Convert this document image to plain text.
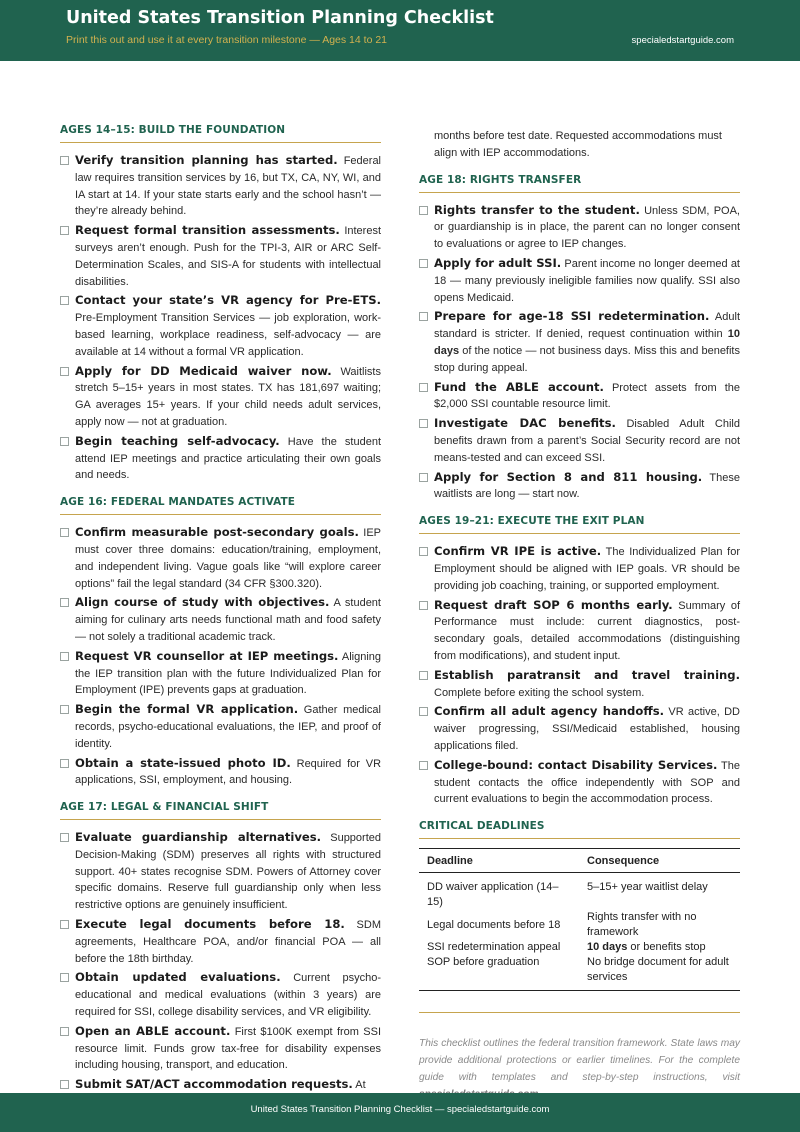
United States Transition Planning Checklist
Print this out and use it at every transition milestone — Ages 14 to 21	specialedstartguide.com
AGES 14–15: BUILD THE FOUNDATION
Verify transition planning has started. Federal law requires transition services by 16, but TX, CA, NY, WI, and IA start at 14. If your state starts early and the school hasn’t — they’re already behind.
Request formal transition assessments. Interest surveys aren’t enough. Push for the TPI-3, AIR or ARC Self-Determination Scales, and SIS-A for students with intellectual disabilities.
Contact your state’s VR agency for Pre-ETS. Pre-Employment Transition Services — job exploration, work-based learning, workplace readiness, self-advocacy — are available at 14 without a formal VR application.
Apply for DD Medicaid waiver now. Waitlists stretch 5–15+ years in most states. TX has 181,697 waiting; GA averages 15+ years. If your child needs adult services, apply now — not at graduation.
Begin teaching self-advocacy. Have the student attend IEP meetings and practice articulating their own goals and needs.
AGE 16: FEDERAL MANDATES ACTIVATE
Confirm measurable post-secondary goals. IEP must cover three domains: education/training, employment, and independent living. Vague goals like “will explore career options” fail the legal standard (34 CFR §300.320).
Align course of study with objectives. A student aiming for culinary arts needs functional math and food safety — not solely a traditional academic track.
Request VR counsellor at IEP meetings. Aligning the IEP transition plan with the future Individualized Plan for Employment (IPE) prevents gaps at graduation.
Begin the formal VR application. Gather medical records, psycho-educational evaluations, the IEP, and proof of identity.
Obtain a state-issued photo ID. Required for VR applications, SSI, employment, and housing.
AGE 17: LEGAL & FINANCIAL SHIFT
Evaluate guardianship alternatives. Supported Decision-Making (SDM) preserves all rights with structured support. 40+ states recognise SDM. Powers of Attorney cover specific domains. Reserve full guardianship only when less restrictive options are genuinely insufficient.
Execute legal documents before 18. SDM agreements, Healthcare POA, and/or financial POA — all before the 18th birthday.
Obtain updated evaluations. Current psycho-educational and medical evaluations (within 3 years) are required for SSI, college disability services, and VR eligibility.
Open an ABLE account. First $100K exempt from SSI resource limit. Funds grow tax-free for disability expenses including housing, transport, and education.
Submit SAT/ACT accommodation requests. At
months before test date. Requested accommodations must align with IEP accommodations.
AGE 18: RIGHTS TRANSFER
Rights transfer to the student. Unless SDM, POA, or guardianship is in place, the parent can no longer consent to evaluations or agree to IEP changes.
Apply for adult SSI. Parent income no longer deemed at 18 — many previously ineligible families now qualify. SSI also opens Medicaid.
Prepare for age-18 SSI redetermination. Adult standard is stricter. If denied, request continuation within 10 days of the notice — not business days. Miss this and benefits stop during appeal.
Fund the ABLE account. Protect assets from the $2,000 SSI countable resource limit.
Investigate DAC benefits. Disabled Adult Child benefits drawn from a parent’s Social Security record are not means-tested and can exceed SSI.
Apply for Section 8 and 811 housing. These waitlists are long — start now.
AGES 19–21: EXECUTE THE EXIT PLAN
Confirm VR IPE is active. The Individualized Plan for Employment should be aligned with IEP goals. VR should be providing job coaching, training, or supported employment.
Request draft SOP 6 months early. Summary of Performance must include: current diagnostics, post-secondary goals, detailed accommodations (distinguishing from modifications), and student input.
Establish paratransit and travel training. Complete before exiting the school system.
Confirm all adult agency handoffs. VR active, DD waiver progressing, SSI/Medicaid established, housing applications filed.
College-bound: contact Disability Services. The student contacts the office independently with SOP and current evaluations to begin the accommodation process.
CRITICAL DEADLINES
Deadline	Consequence
DD waiver application (14–15)	5–15+ year waitlist delay
Legal documents before 18	Rights transfer with no framework
SSI redetermination appeal	10 days or benefits stop
SOP before graduation	No bridge document for adult services
This checklist outlines the federal transition framework. State laws may provide additional protections or earlier timelines. For the complete guide with templates and step-by-step instructions, visit
United States Transition Planning Checklist — specialedstartguide.com
